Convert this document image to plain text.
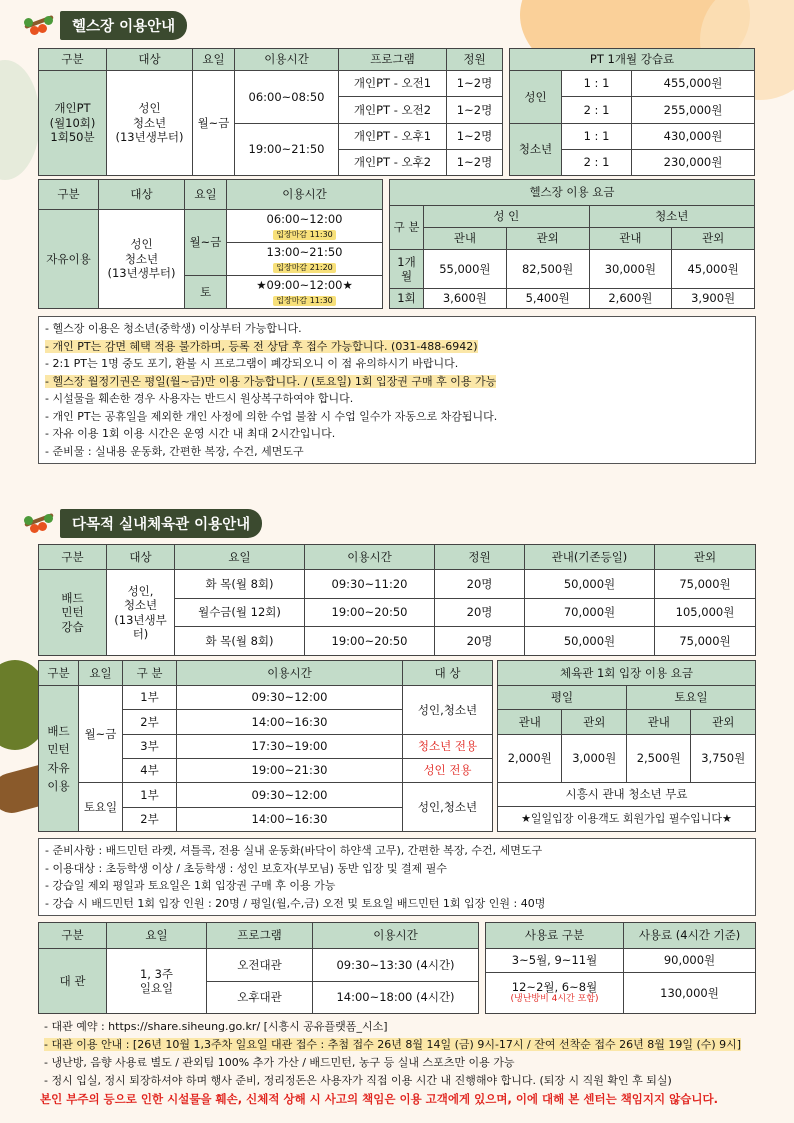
헬스장 이용안내
구분	대상	요일	이용시간	프로그램	정원
개인PT
(월10회)
1회50분	성인
청소년
(13년생부터)	월~금	06:00~08:50	개인PT - 오전1	1~2명
				개인PT - 오전2	1~2명
			19:00~21:50	개인PT - 오후1	1~2명
				개인PT - 오후2	1~2명
PT 1개월 강습료		
성인	1 : 1	455,000원
	2 : 1	255,000원
청소년	1 : 1	430,000원
	2 : 1	230,000원
구분	대상	요일	이용시간
자유이용	성인
청소년
(13년생부터)	월~금	06:00~12:00
입장마감 11:30

			13:00~21:50
입장마감 21:20
		토	★09:00~12:00★
입장마감 11:30
헬스장 이용 요금				
구 분	성 인		청소년	
	관내	관외	관내	관외
1개월	55,000원	82,500원	30,000원	45,000원
1회	3,600원	5,400원	2,600원	3,900원
- 헬스장 이용은 청소년(중학생) 이상부터 가능합니다.
- 개인 PT는 감면 혜택 적용 불가하며, 등록 전 상담 후 접수 가능합니다. (031-488-6942)
- 2:1 PT는 1명 중도 포기, 환불 시 프로그램이 폐강되오니 이 점 유의하시기 바랍니다.
- 헬스장 월정기권은 평일(월~금)만 이용 가능합니다. / (토요일) 1회 입장권 구매 후 이용 가능
- 시설물을 훼손한 경우 사용자는 반드시 원상복구하여야 합니다.
- 개인 PT는 공휴일을 제외한 개인 사정에 의한 수업 불참 시 수업 일수가 자동으로 차감됩니다.
- 자유 이용 1회 이용 시간은 운영 시간 내 최대 2시간입니다.
- 준비물 : 실내용 운동화, 간편한 복장, 수건, 세면도구
다목적 실내체육관 이용안내
구분	대상	요일	이용시간	정원	관내(기존등일)	관외
배드
민턴
강습	성인,
청소년
(13년생부터)	화 목(월 8회)	09:30~11:20	20명	50,000원	75,000원
		월수금(월 12회)	19:00~20:50	20명	70,000원	105,000원
		화 목(월 8회)	19:00~20:50	20명	50,000원	75,000원
구분	요일	구 분	이용시간	대 상
배드
민턴
자유
이용	월~금	1부	09:30~12:00	성인,청소년
		2부	14:00~16:30	
		3부	17:30~19:00	청소년 전용
		4부	19:00~21:30	성인 전용
	토요일	1부	09:30~12:00	성인,청소년
		2부	14:00~16:30	
체육관 1회 입장 이용 요금			
평일		토요일	
관내	관외	관내	관외
2,000원	3,000원	2,500원	3,750원
시흥시 관내 청소년 무료			
★일일입장 이용객도 회원가입 필수입니다★			
- 준비사항 : 배드민턴 라켓, 셔틀콕, 전용 실내 운동화(바닥이 하얀색 고무), 간편한 복장, 수건, 세면도구
- 이용대상 : 초등학생 이상 / 초등학생 : 성인 보호자(부모님) 동반 입장 및 결제 필수
- 강습일 제외 평일과 토요일은 1회 입장권 구매 후 이용 가능
- 강습 시 배드민턴 1회 입장 인원 : 20명 / 평일(월,수,금) 오전 및 토요일 배드민턴 1회 입장 인원 : 40명
구분	요일	프로그램	이용시간
대 관	1, 3주
일요일	오전대관	09:30~13:30 (4시간)
		오후대관	14:00~18:00 (4시간)
사용료 구분	사용료 (4시간 기준)
3~5월, 9~11월	90,000원

12~2월, 6~8월
(냉난방비 4시간 포함)	130,000원
- 대관 예약 : https://share.siheung.go.kr/ [시흥시 공유플랫폼_시소]
- 대관 이용 안내 : [26년 10월 1,3주차 일요일 대관 접수 : 추첨 접수 26년 8월 14일 (금) 9시-17시 / 잔여 선착순 접수 26년 8월 19일 (수) 9시]
- 냉난방, 음향 사용료 별도 / 관외팀 100% 추가 가산 / 배드민턴, 농구 등 실내 스포츠만 이용 가능
- 정시 입실, 정시 퇴장하셔야 하며 행사 준비, 정리정돈은 사용자가 직접 이용 시간 내 진행해야 합니다. (퇴장 시 직원 확인 후 퇴실)
본인 부주의 등으로 인한 시설물을 훼손, 신체적 상해 시 사고의 책임은 이용 고객에게 있으며, 이에 대해 본 센터는 책임지지 않습니다.
